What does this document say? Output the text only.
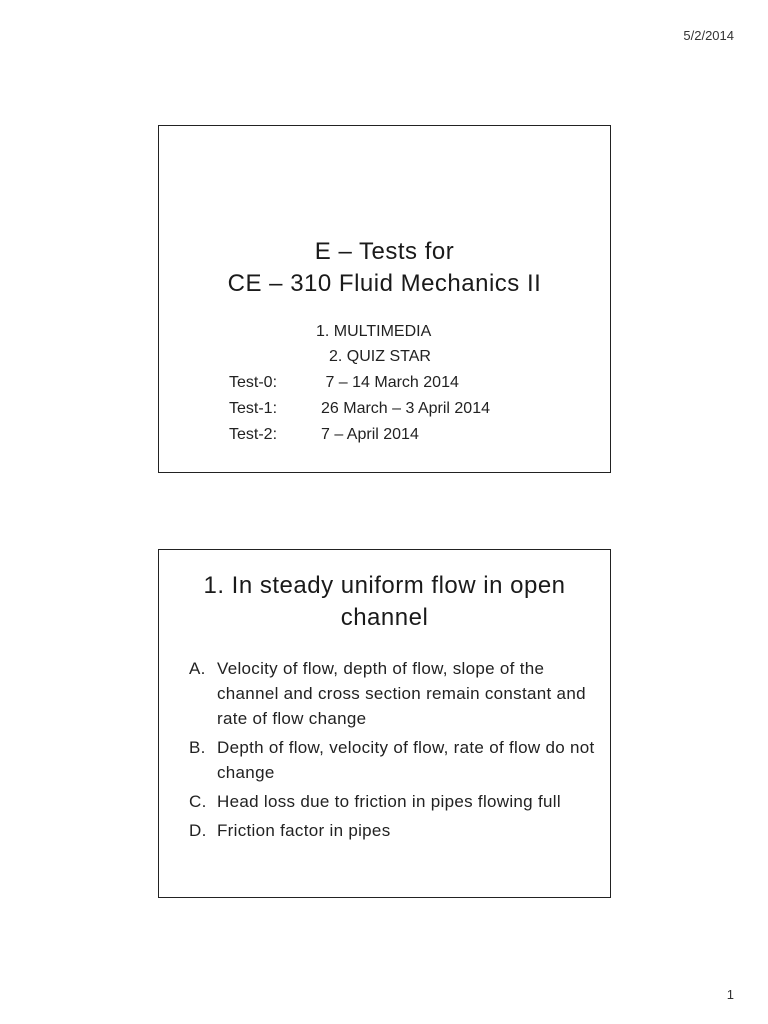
5/2/2014
E – Tests for
CE – 310 Fluid Mechanics II
1. MULTIMEDIA
2. QUIZ STAR
Test-0:	7 – 14 March 2014
Test-1:	26 March – 3 April 2014
Test-2:	7 – April 2014
1. In steady uniform flow in open
channel
A. Velocity of flow, depth of flow, slope of the channel and cross section remain constant and rate of flow change
B. Depth of flow, velocity of flow, rate of flow do not change
C. Head loss due to friction in pipes flowing full
D. Friction factor in pipes
1
